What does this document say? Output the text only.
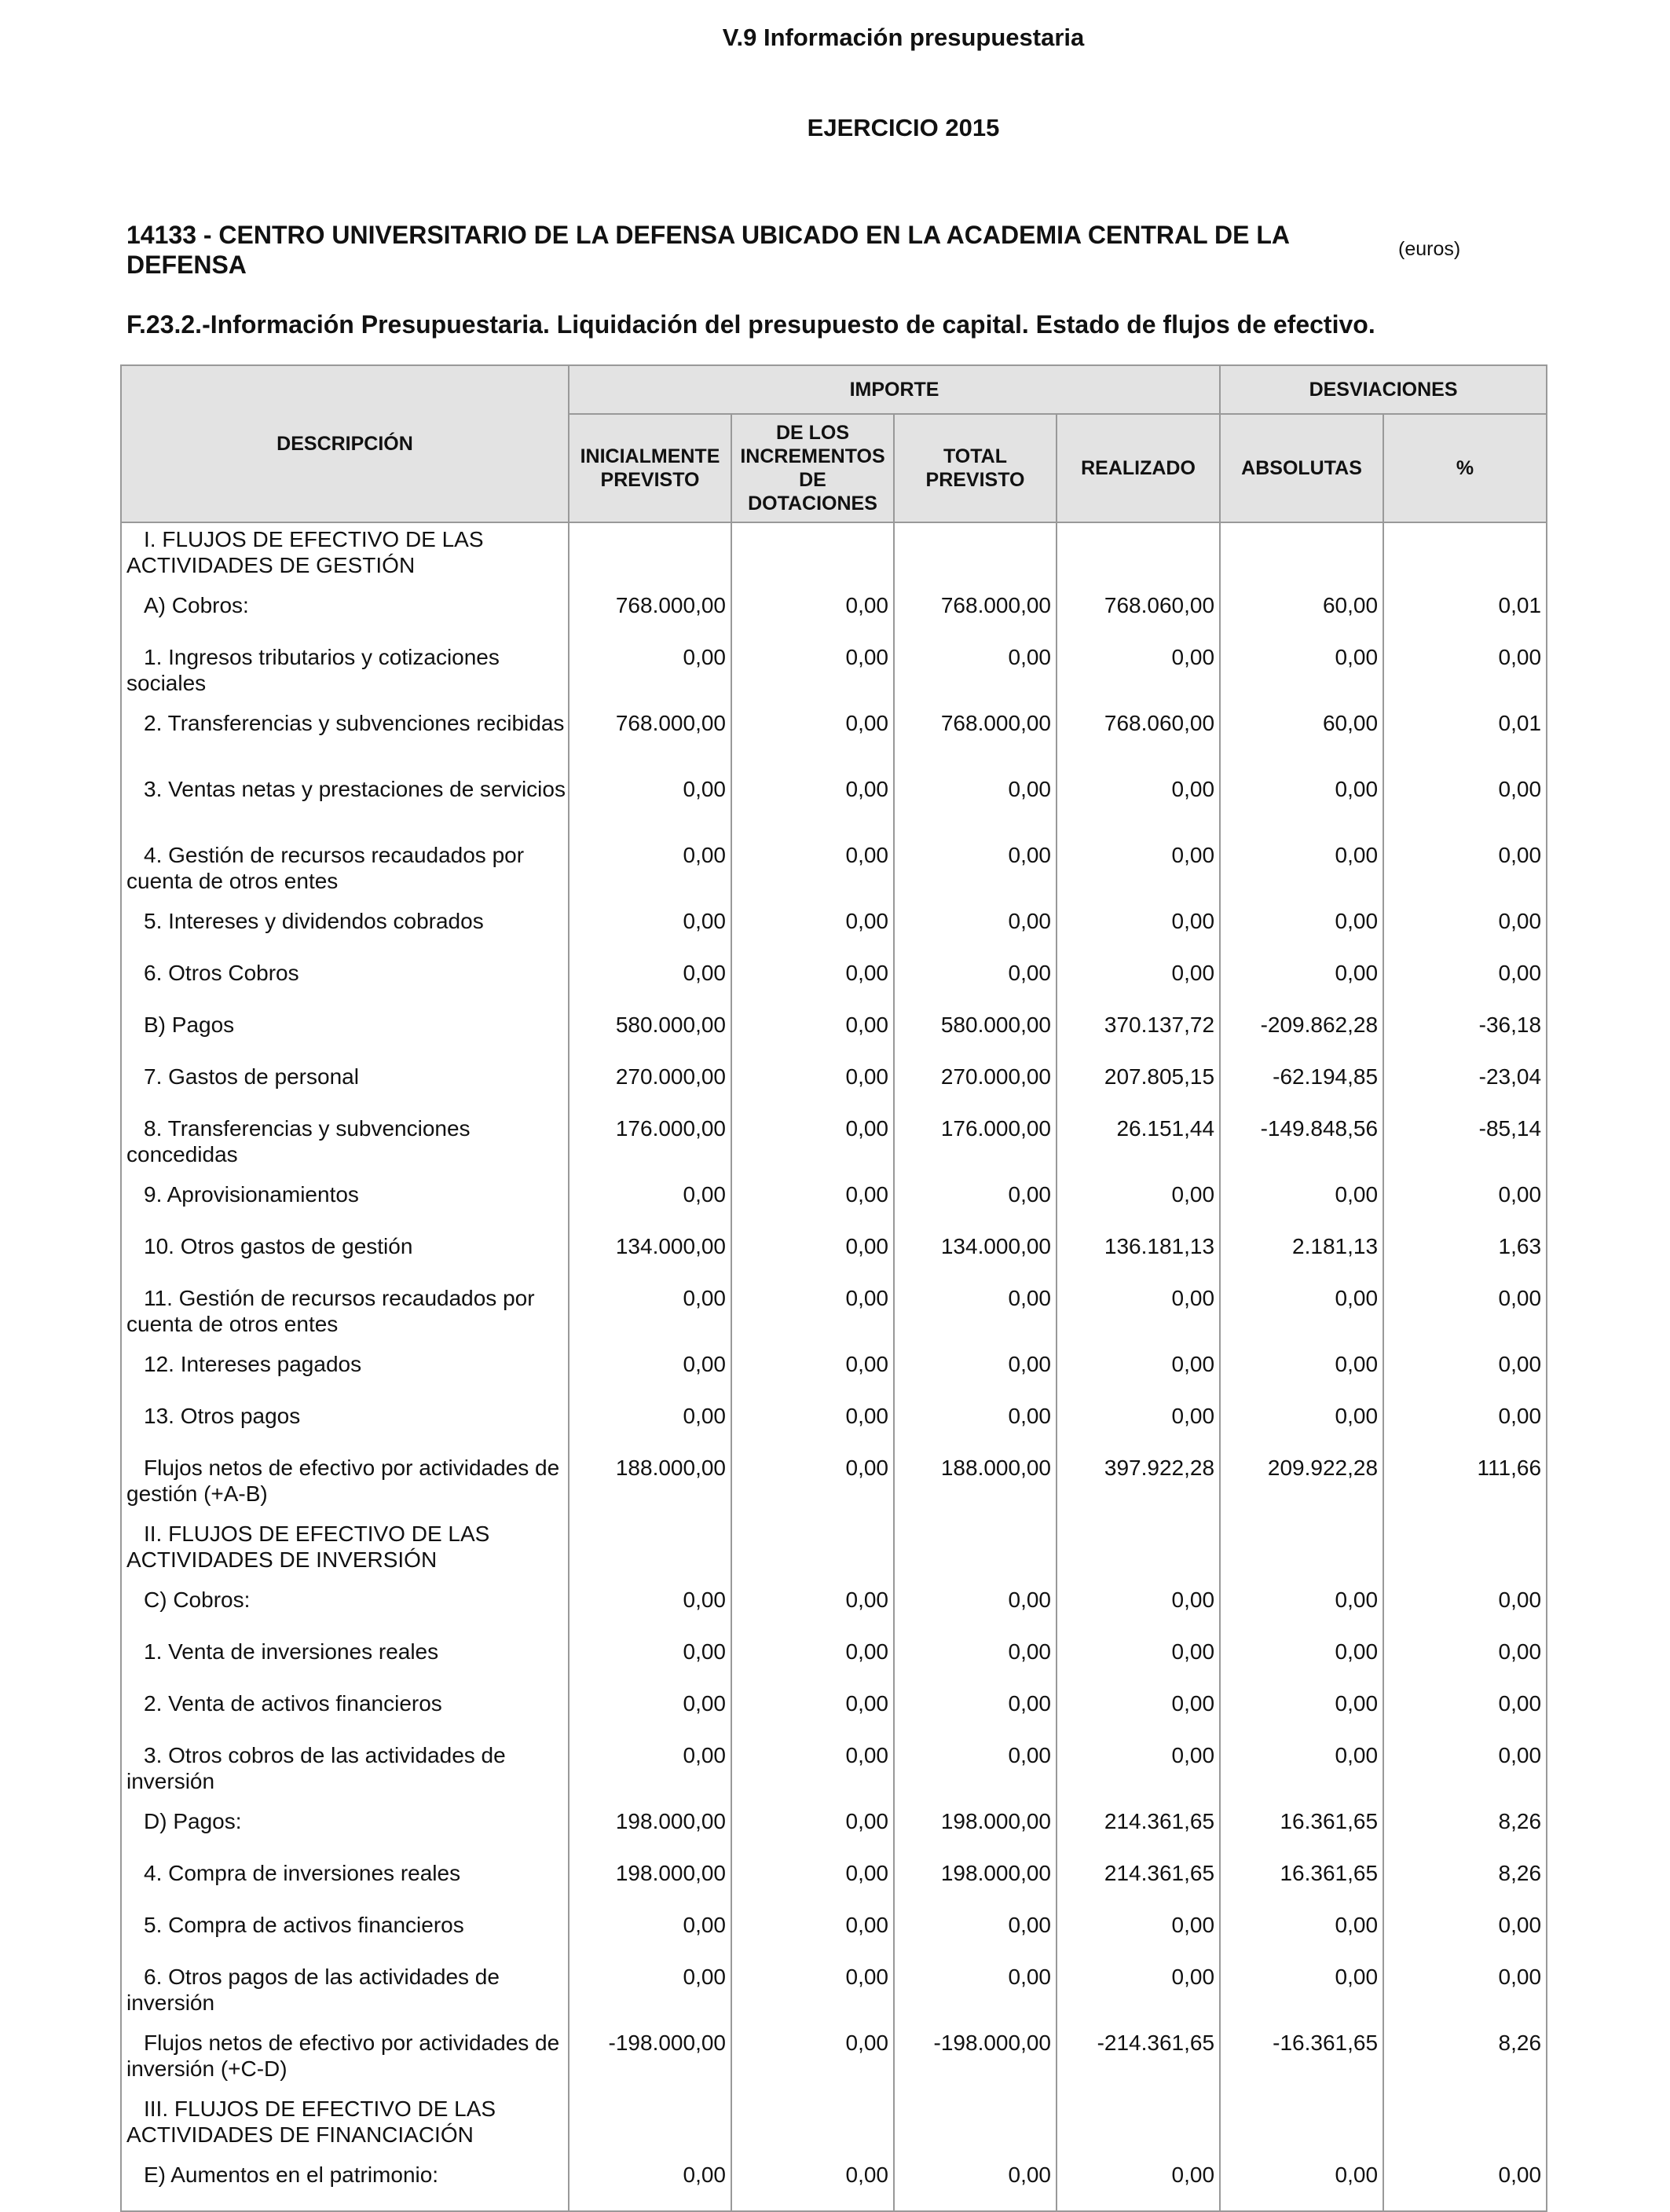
V.9 Información presupuestaria
EJERCICIO 2015
14133 - CENTRO UNIVERSITARIO DE LA DEFENSA UBICADO EN LA ACADEMIA CENTRAL DE LA DEFENSA
(euros)
F.23.2.-Información Presupuestaria. Liquidación del presupuesto de capital. Estado de flujos de efectivo.
DESCRIPCIÓN	IMPORTE				DESVIACIONES	
	INICIALMENTE PREVISTO	DE LOS INCREMENTOS DE DOTACIONES	TOTAL PREVISTO	REALIZADO	ABSOLUTAS	%
I. FLUJOS DE EFECTIVO DE LAS ACTIVIDADES DE GESTIÓN						
A) Cobros:	768.000,00	0,00	768.000,00	768.060,00	60,00	0,01
1. Ingresos tributarios y cotizaciones sociales	0,00	0,00	0,00	0,00	0,00	0,00
2. Transferencias y subvenciones recibidas	768.000,00	0,00	768.000,00	768.060,00	60,00	0,01
3. Ventas netas y prestaciones de servicios	0,00	0,00	0,00	0,00	0,00	0,00
4. Gestión de recursos recaudados por cuenta de otros entes	0,00	0,00	0,00	0,00	0,00	0,00
5. Intereses y dividendos cobrados	0,00	0,00	0,00	0,00	0,00	0,00
6. Otros Cobros	0,00	0,00	0,00	0,00	0,00	0,00
B) Pagos	580.000,00	0,00	580.000,00	370.137,72	-209.862,28	-36,18
7. Gastos de personal	270.000,00	0,00	270.000,00	207.805,15	-62.194,85	-23,04
8. Transferencias y subvenciones concedidas	176.000,00	0,00	176.000,00	26.151,44	-149.848,56	-85,14
9. Aprovisionamientos	0,00	0,00	0,00	0,00	0,00	0,00
10. Otros gastos de gestión	134.000,00	0,00	134.000,00	136.181,13	2.181,13	1,63
11. Gestión de recursos recaudados por cuenta de otros entes	0,00	0,00	0,00	0,00	0,00	0,00
12. Intereses pagados	0,00	0,00	0,00	0,00	0,00	0,00
13. Otros pagos	0,00	0,00	0,00	0,00	0,00	0,00
Flujos netos de efectivo por actividades de gestión (+A-B)	188.000,00	0,00	188.000,00	397.922,28	209.922,28	111,66
II. FLUJOS DE EFECTIVO DE LAS ACTIVIDADES DE INVERSIÓN						
C) Cobros:	0,00	0,00	0,00	0,00	0,00	0,00
1. Venta de inversiones reales	0,00	0,00	0,00	0,00	0,00	0,00
2. Venta de activos financieros	0,00	0,00	0,00	0,00	0,00	0,00
3. Otros cobros de las actividades de inversión	0,00	0,00	0,00	0,00	0,00	0,00
D) Pagos:	198.000,00	0,00	198.000,00	214.361,65	16.361,65	8,26
4. Compra de inversiones reales	198.000,00	0,00	198.000,00	214.361,65	16.361,65	8,26
5. Compra de activos financieros	0,00	0,00	0,00	0,00	0,00	0,00
6. Otros pagos de las actividades de inversión	0,00	0,00	0,00	0,00	0,00	0,00
Flujos netos de efectivo por actividades de inversión (+C-D)	-198.000,00	0,00	-198.000,00	-214.361,65	-16.361,65	8,26
III. FLUJOS DE EFECTIVO DE LAS ACTIVIDADES DE FINANCIACIÓN						
E) Aumentos en el patrimonio:	0,00	0,00	0,00	0,00	0,00	0,00
